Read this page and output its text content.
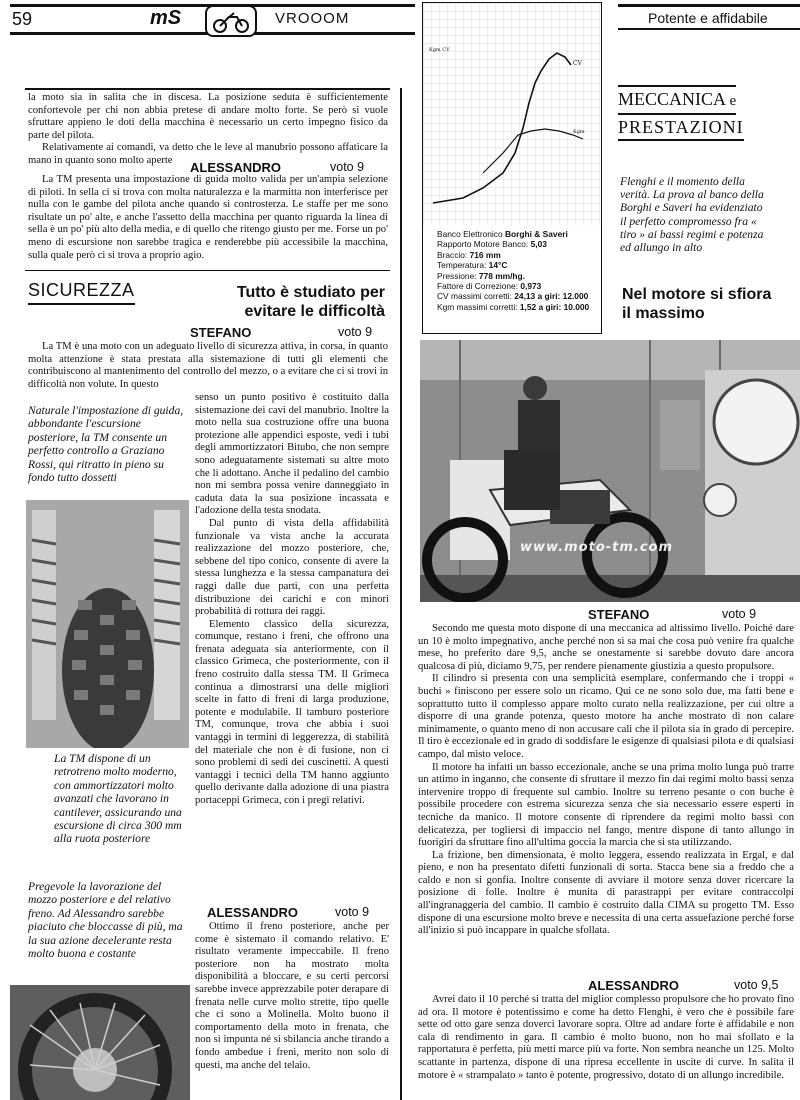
59	mS	VROOOM	Potente e affidabile

la moto sia in salita che in discesa. La posizione seduta è sufficientemente confortevole per chi non abbia pretese di andare molto forte. Se però si vuole sfruttare appieno le doti della macchina è necessario un certo impegno fisico da parte del pilota.

Relativamente ai comandi, va detto che le leve al manubrio possono affaticare la mano in quanto sono molto aperte	ALESSANDRO	voto 9

La TM presenta una impostazione di guida molto valida per un'ampia selezione di piloti. In sella ci si trova con molta naturalezza e la marmitta non interferisce per nulla con le gambe del pilota anche quando si controsterza. Le staffe per me sono risultate un po' alte, e anche l'assetto della macchina per quanto riguarda la linea di sella è un po' più alto della media, e di quello che ritengo giusto per me. Forse un po' meno di escursione non sarebbe tragica e renderebbe più accessibile la macchina, sulla quale però ci si trova a proprio agio.

SICUREZZA	Tutto è studiato per evitare le difficoltà
STEFANO	voto 9

La TM è una moto con un adeguato livello di sicurezza attiva, in corsa, in quanto molta attenzione è stata prestata alla sistemazione di tutti gli elementi che contribuiscono al mantenimento del controllo del mezzo, o a evitare che ci si trovi in difficoltà non volute. In questo

Naturale l'impostazione di guida, abbondante l'escursione posteriore, la TM consente un perfetto controllo a Graziano Rossi, qui ritratto in pieno su fondo tutto dossetti

senso un punto positivo è costituito dalla sistemazione dei cavi del manubrio. Inoltre la moto nella sua costruzione offre una buona protezione alle appendici esposte, vedi i tubi degli ammortizzatori Bitubo, che non sempre sono adeguatamente sistemati su altre moto che li adottano. Anche il pedalino del cambio non mi sembra possa venire danneggiato in caduta data la sua posizione incassata e l'adozione della testa snodata.

Dal punto di vista della affidabilità funzionale va vista anche la accurata realizzazione del mozzo posteriore, che, sebbene del tipo conico, consente di avere la stessa lunghezza e la stessa campanatura dei raggi dalle due parti, con una perfetta distribuzione dei carichi e con minori probabilità di rottura dei raggi.

Elemento classico della sicurezza, comunque, restano i freni, che offrono una frenata adeguata sia anteriormente, con il classico Grimeca, che posteriormente, con il freno costruito dalla stessa TM. Il Grimeca continua a dimostrarsi una delle migliori scelte in fatto di freni di larga produzione, potente e modulabile. Il tamburo posteriore TM, comunque, trova che abbia i suoi vantaggi in termini di leggerezza, di stabilità del materiale che non è di fusione, non ci sono problemi di sedi dei cuscinetti. A questi vantaggi i tecnici della TM hanno aggiunto quello derivante dalla adozione di una piastra portaceppi Grimeca, con i pregi relativi.

La TM dispone di un retrotreno molto moderno, con ammortizzatori molto avanzati che lavorano in cantilever, assicurando una escursione di circa 300 mm alla ruota posteriore
Pregevole la lavorazione del mozzo posteriore e del relativo freno. Ad Alessandro sarebbe piaciuto che bloccasse di più, ma la sua azione decelerante resta molto buona e costante
ALESSANDRO	voto 9

Ottimo il freno posteriore, anche per come è sistemato il comando relativo. E' risultato veramente impeccabile. Il freno posteriore non ha mostrato molta disponibilità a bloccare, e su certi percorsi sarebbe invece apprezzabile poter derapare di frenata nelle curve molto strette, tipo quelle che ci sono a Molinella. Molto buono il comportamento della moto in frenata, che non si impunta né si sbilancia anche tirando a fondo ambedue i freni, merito non solo di questi, ma anche del telaio.

Kgm CV
CV
Kgm
Banco Elettronico Borghi & Saveri
Rapporto Motore Banco: 5,03
Braccio: 716 mm
Temperatura: 14°C
Pressione: 778 mm/hg.
Fattore di Correzione: 0,973
CV massimi corretti: 24,13 a giri: 12.000
Kgm massimi corretti: 1,52 a giri: 10.000
MECCANICA e PRESTAZIONI
Flenghi e il momento della verità. La prova al banco della Borghi e Saveri ha evidenziato il perfetto compromesso fra « tiro » ai bassi regimi e potenza ed allungo in alto
Nel motore si sfiora il massimo
www.moto-tm.com
STEFANO	voto 9

Secondo me questa moto dispone di una meccanica ad altissimo livello. Poiché dare un 10 è molto impegnativo, anche perché non si sa mai che cosa può venire fra qualche mese, ho preferito dare 9,5, anche se onestamente si sarebbe dovuto dare ancora qualcosa di più, diciamo 9,75, per rendere pienamente giustizia a questo propulsore.

Il cilindro si presenta con una semplicità esemplare, confermando che i troppi « buchi » finiscono per essere solo un ricamo. Qui ce ne sono solo due, ma fatti bene e soprattutto tutto il complesso appare molto curato nella realizzazione, per cui oltre a disporre di una grande potenza, questo motore ha anche mostrato di non calare minimamente, o quanto meno di non accusare cali che il pilota sia in grado di percepire. Il tiro è eccezionale ed in grado di soddisfare le esigenze di qualsiasi pilota e di qualsiasi campo, dal misto veloce.

Il motore ha infatti un basso eccezionale, anche se una prima molto lunga può trarre un attimo in inganno, che consente di sfruttare il mezzo fin dai regimi molto bassi senza intervenire troppo di frequente sul cambio. Inoltre su terreno pesante o con buche è possibile procedere con estrema sicurezza senza che sia necessario essere esperti in tecniche da manico. Il motore consente di riprendere da regimi molto bassi con delicatezza, per togliersi di impaccio nel fango, mentre dispone di tanto allungo in fuorigiri da sfruttare fino all'ultima goccia la marcia che si sta utilizzando.

La frizione, ben dimensionata, è molto leggera, essendo realizzata in Ergal, e dal pieno, e non ha presentato difetti funzionali di sorta. Stacca bene sia a freddo che a caldo e non si gonfia. Inoltre consente di avviare il motore senza dover ricercare la posizione di folle. Inoltre è munita di parastrappi per evitare contraccolpi all'ingranaggeria del cambio. Il cambio è costruito dalla CIMA su progetto TM. Esso dispone di una escursione molto breve e necessita di una certa assuefazione perché forse all'inizio si può incappare in qualche sfollata.

ALESSANDRO	voto 9,5

Avrei dato il 10 perché si tratta del miglior complesso propulsore che ho provato fino ad ora. Il motore è potentissimo e come ha detto Flenghi, è vero che è possibile fare sette od otto gare senza doverci lavorare sopra. Oltre ad andare forte è affidabile e non cala di rendimento in gara. Il cambio è molto buono, non ho mai sfollato e la rapportatura è perfetta, più metti marce più va forte. Non sembra neanche un 125. Molto scattante in partenza, dispone di una ripresa eccellente in uscite di curve. In salita il motore è « strampalato » tanto è potente, progressivo, dotato di un allungo incredibile.
